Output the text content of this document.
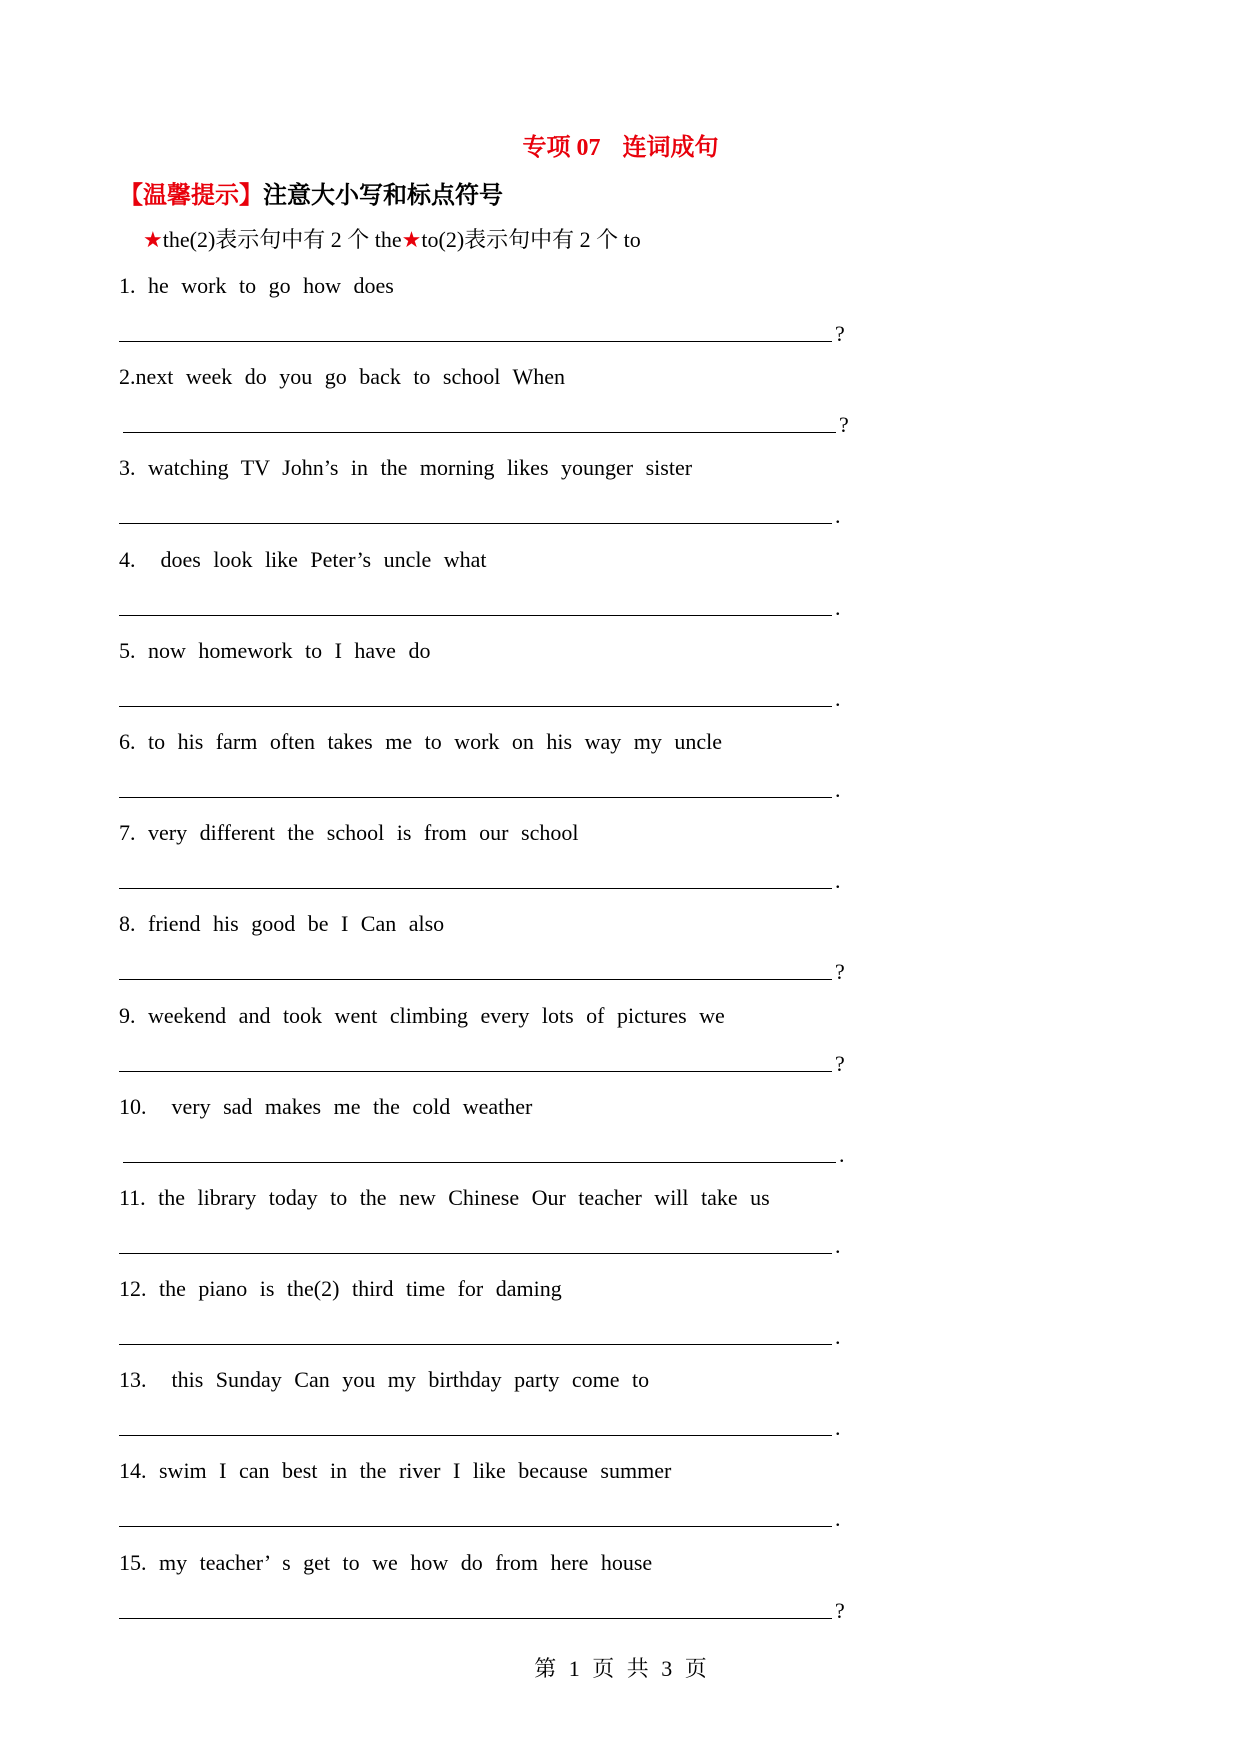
专项 07 连词成句
【温馨提示】注意大小写和标点符号
★the(2)表示句中有 2 个 the★to(2)表示句中有 2 个 to
1. he work to go how does
?
2.next week do you go back to school When
?
3. watching TV John’s in the morning likes younger sister
.
4.  does look like Peter’s uncle what
.
5. now homework to I have do
.
6. to his farm often takes me to work on his way my uncle
.
7. very different the school is from our school
.
8. friend his good be I Can also
?
9. weekend and took went climbing every lots of pictures we
?
10.  very sad makes me the cold weather
.
11. the library today to the new Chinese Our teacher will take us
.
12. the piano is the(2) third time for daming
.
13.  this Sunday Can you my birthday party come to
.
14. swim I can best in the river I like because summer
.
15. my teacher’ s get to we how do from here house
?
第 1 页 共 3 页
